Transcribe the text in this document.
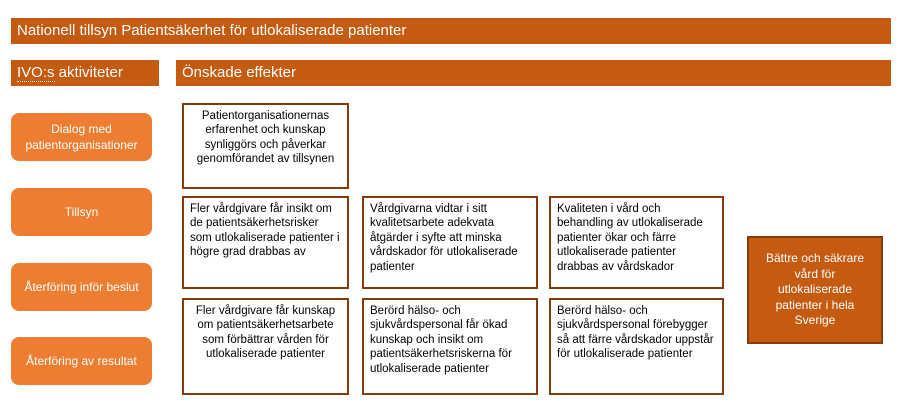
Nationell tillsyn Patientsäkerhet för utlokaliserade patienter
IVO:s aktiviteter	Önskade effekter
Dialog med patientorganisationer
Tillsyn
Återföring inför beslut
Återföring av resultat
Patientorganisationernas erfarenhet och kunskap synliggörs och påverkar genomförandet av tillsynen
Fler vårdgivare får insikt om de patientsäkerhetsrisker som utlokaliserade patienter i högre grad drabbas av
Vårdgivarna vidtar i sitt kvalitetsarbete adekvata åtgärder i syfte att minska vårdskador för utlokaliserade patienter
Kvaliteten i vård och behandling av utlokaliserade patienter ökar och färre utlokaliserade patienter drabbas av vårdskador
Fler vårdgivare får kunskap om patientsäkerhetsarbete som förbättrar vården för utlokaliserade patienter
Berörd hälso- och sjukvårdspersonal får ökad kunskap och insikt om patientsäkerhetsriskerna för utlokaliserade patienter
Berörd hälso- och sjukvårdspersonal förebygger så att färre vårdskador uppstår för utlokaliserade patienter
Bättre och säkrare vård för utlokaliserade patienter i hela Sverige
